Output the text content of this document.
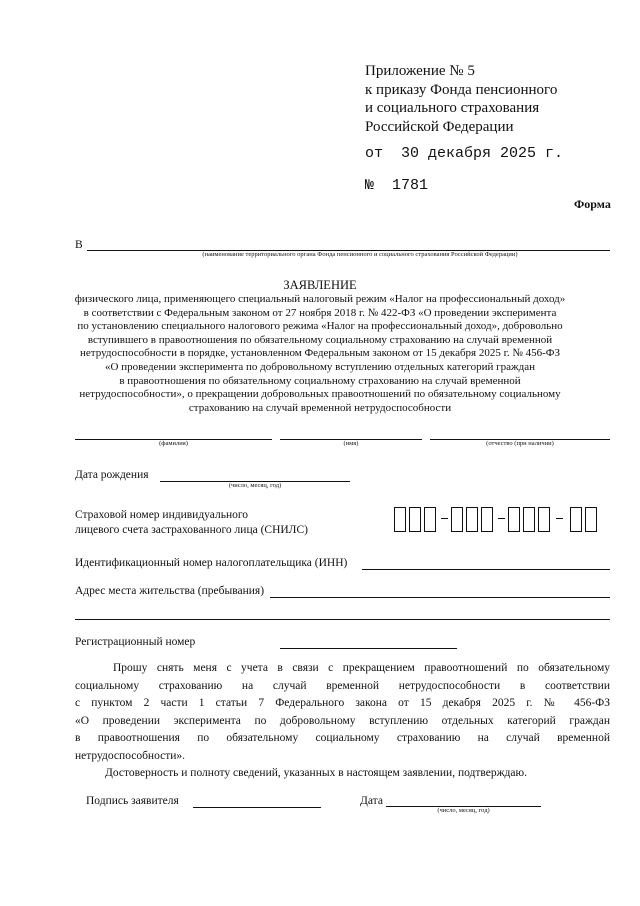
Приложение № 5
к приказу Фонда пенсионного
и социального страхования
Российской Федерации
от  30 декабря 2025 г.
№  1781
Форма
В
(наименование территориального органа Фонда пенсионного и социального страхования Российской Федерации)
ЗАЯВЛЕНИЕ
физического лица, применяющего специальный налоговый режим «Налог на профессиональный доход»
в соответствии с Федеральным законом от 27 ноября 2018 г. № 422-ФЗ «О проведении эксперимента
по установлению специального налогового режима «Налог на профессиональный доход», добровольно
вступившего в правоотношения по обязательному социальному страхованию на случай временной
нетрудоспособности в порядке, установленном Федеральным законом от 15 декабря 2025 г. № 456-ФЗ
«О проведении эксперимента по добровольному вступлению отдельных категорий граждан
в правоотношения по обязательному социальному страхованию на случай временной
нетрудоспособности», о прекращении добровольных правоотношений по обязательному социальному
страхованию на случай временной нетрудоспособности
(фамилия)	(имя)	(отчество (при наличии)
Дата рождения
(число, месяц, год)
Страховой номер индивидуального
лицевого счета застрахованного лица (СНИЛС)
Идентификационный номер налогоплательщика (ИНН)
Адрес места жительства (пребывания)
Регистрационный номер
Прошу снять меня с учета в связи с прекращением правоотношений по обязательному
социальному страхованию на случай временной нетрудоспособности в соответствии
с пунктом 2 части 1 статьи 7 Федерального закона от 15 декабря 2025 г. № 456-ФЗ
«О проведении эксперимента по добровольному вступлению отдельных категорий граждан
в правоотношения по обязательному социальному страхованию на случай временной
нетрудоспособности».
Достоверность и полноту сведений, указанных в настоящем заявлении, подтверждаю.
Подпись заявителя	Дата
(число, месяц, год)
